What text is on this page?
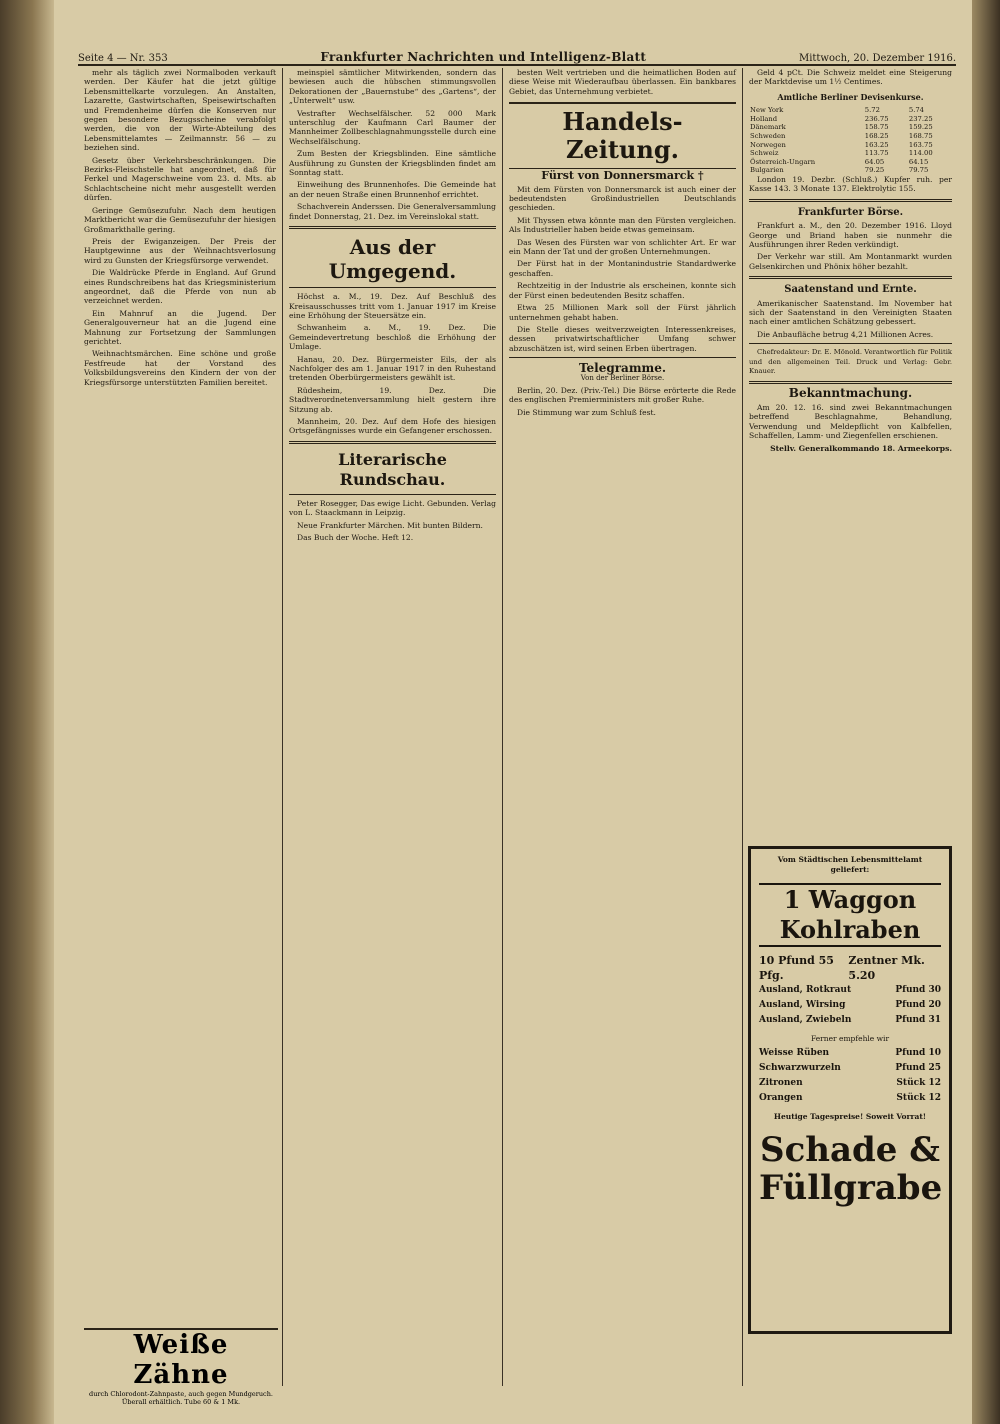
Seite 4 — Nr. 353	Frankfurter Nachrichten und Intelligenz-Blatt	Mittwoch, 20. Dezember 1916.

mehr als täglich zwei Normalboden verkauft werden. Der Käufer hat die jetzt gültige Lebensmittelkarte vorzulegen. An Anstalten, Lazarette, Gastwirtschaften, Speisewirtschaften und Fremdenheime dürfen die Konserven nur gegen besondere Bezugsscheine verabfolgt werden, die von der Wirte-Abteilung des Lebensmittelamtes — Zeilmannstr. 56 — zu beziehen sind.

Gesetz über Verkehrsbeschränkungen. Die Bezirks-Fleischstelle hat angeordnet, daß für Ferkel und Magerschweine vom 23. d. Mts. ab Schlachtscheine nicht mehr ausgestellt werden dürfen.

Geringe Gemüsezufuhr. Nach dem heutigen Marktbericht war die Gemüsezufuhr der hiesigen Großmarkthalle gering.

Preis der Ewiganzeigen. Der Preis der Hauptgewinne aus der Weihnachtsverlosung wird zu Gunsten der Kriegsfürsorge verwendet.

Die Waldrücke Pferde in England. Auf Grund eines Rundschreibens hat das Kriegsministerium angeordnet, daß die Pferde von nun ab verzeichnet werden.

Ein Mahnruf an die Jugend. Der Generalgouverneur hat an die Jugend eine Mahnung zur Fortsetzung der Sammlungen gerichtet.

Weihnachtsmärchen. Eine schöne und große Festfreude hat der Vorstand des Volksbildungsvereins den Kindern der von der Kriegsfürsorge unterstützten Familien bereitet.

Weiße Zähne
durch Chlorodont-Zahnpaste, auch gegen Mundgeruch. Überall erhältlich. Tube 60 & 1 Mk.

meinspiel sämtlicher Mitwirkenden, sondern das bewiesen auch die hübschen stimmungsvollen Dekorationen der „Bauernstube“ des „Gartens“, der „Unterwelt“ usw.

Vestrafter Wechselfälscher. 52 000 Mark unterschlug der Kaufmann Carl Baumer der Mannheimer Zollbeschlagnahmungsstelle durch eine Wechselfälschung.

Zum Besten der Kriegsblinden. Eine sämtliche Ausführung zu Gunsten der Kriegsblinden findet am Sonntag statt.

Einweihung des Brunnenhofes. Die Gemeinde hat an der neuen Straße einen Brunnenhof errichtet.

Schachverein Anderssen. Die Generalversammlung findet Donnerstag, 21. Dez. im Vereinslokal statt.

Aus der Umgegend.

Höchst a. M., 19. Dez. Auf Beschluß des Kreisausschusses tritt vom 1. Januar 1917 im Kreise eine Erhöhung der Steuersätze ein.

Schwanheim a. M., 19. Dez. Die Gemeindevertretung beschloß die Erhöhung der Umlage.

Hanau, 20. Dez. Bürgermeister Eils, der als Nachfolger des am 1. Januar 1917 in den Ruhestand tretenden Oberbürgermeisters gewählt ist.

Rüdesheim, 19. Dez. Die Stadtverordnetenversammlung hielt gestern ihre Sitzung ab.

Mannheim, 20. Dez. Auf dem Hofe des hiesigen Ortsgefängnisses wurde ein Gefangener erschossen.

Literarische Rundschau.

Peter Rosegger, Das ewige Licht. Gebunden. Verlag von L. Staackmann in Leipzig.

Neue Frankfurter Märchen. Mit bunten Bildern.

Das Buch der Woche. Heft 12.

besten Welt vertrieben und die heimatlichen Boden auf diese Weise mit Wiederaufbau überlassen. Ein bankbares Gebiet, das Unternehmung verbietet.

Handels-Zeitung.
Fürst von Donnersmarck †

Mit dem Fürsten von Donnersmarck ist auch einer der bedeutendsten Großindustriellen Deutschlands geschieden.

Mit Thyssen etwa könnte man den Fürsten vergleichen. Als Industrieller haben beide etwas gemeinsam.

Das Wesen des Fürsten war von schlichter Art. Er war ein Mann der Tat und der großen Unternehmungen.

Der Fürst hat in der Montanindustrie Standardwerke geschaffen.

Rechtzeitig in der Industrie als erscheinen, konnte sich der Fürst einen bedeutenden Besitz schaffen.

Etwa 25 Millionen Mark soll der Fürst jährlich unternehmen gehabt haben.

Die Stelle dieses weitverzweigten Interessenkreises, dessen privatwirtschaftlicher Umfang schwer abzuschätzen ist, wird seinen Erben übertragen.

Telegramme.
Von der Berliner Börse.

Berlin, 20. Dez. (Priv.-Tel.) Die Börse erörterte die Rede des englischen Premierministers mit großer Ruhe.

Die Stimmung war zum Schluß fest.

Geld 4 pCt. Die Schweiz meldet eine Steigerung der Marktdevise um 1½ Centimes.

Amtliche Berliner Devisenkurse.
New York	5.72	5.74
Holland	236.75	237.25
Dänemark	158.75	159.25
Schweden	168.25	168.75
Norwegen	163.25	163.75
Schweiz	113.75	114.00
Österreich-Ungarn	64.05	64.15
Bulgarien	79.25	79.75

London 19. Dezbr. (Schluß.) Kupfer ruh. per Kasse 143. 3 Monate 137. Elektrolytic 155.

Frankfurter Börse.

Frankfurt a. M., den 20. Dezember 1916. Lloyd George und Briand haben sie nunmehr die Ausführungen ihrer Reden verkündigt.

Der Verkehr war still. Am Montanmarkt wurden Gelsenkirchen und Phönix höher bezahlt.

Saatenstand und Ernte.

Amerikanischer Saatenstand. Im November hat sich der Saatenstand in den Vereinigten Staaten nach einer amtlichen Schätzung gebessert.

Die Anbaufläche betrug 4,21 Millionen Acres.

Chefredakteur: Dr. E. Mönold. Verantwortlich für Politik und den allgemeinen Teil. Druck und Verlag: Gebr. Knauer.

Bekanntmachung.

Am 20. 12. 16. sind zwei Bekanntmachungen betreffend Beschlagnahme, Behandlung, Verwendung und Meldepflicht von Kalbfellen, Schaffellen, Lamm- und Ziegenfellen erschienen.

Stellv. Generalkommando 18. Armeekorps.

Vom Städtischen Lebensmittelamt geliefert:
1 Waggon Kohlraben
10 Pfund 55 Pfg.
Zentner Mk. 5.20
Ausland, Rotkraut	Pfund 30
Ausland, Wirsing	Pfund 20
Ausland, Zwiebeln	Pfund 31
Ferner empfehle wir
Weisse Rüben	Pfund 10
Schwarzwurzeln	Pfund 25
Zitronen	Stück 12
Orangen	Stück 12
Heutige Tagespreise! Soweit Vorrat!
Schade & Füllgrabe
